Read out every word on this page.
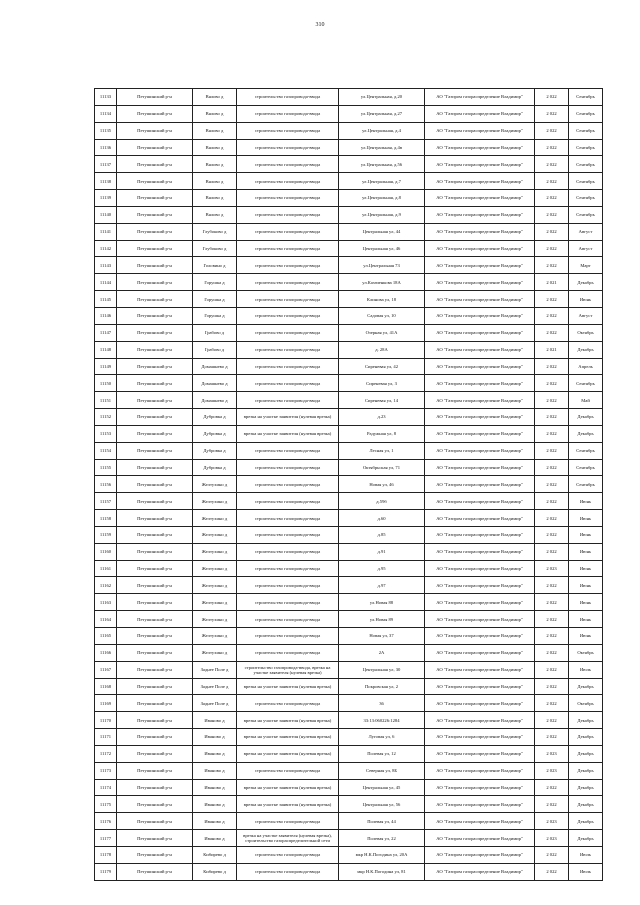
310
11133	Петушинский р-н	Вялово д	строительство газопровода-ввода	ул.Центральная, д.20	АО "Газпром газораспределение Владимир"	2 022	Сентябрь
11134	Петушинский р-н	Вялово д	строительство газопровода-ввода	ул.Центральная, д.27	АО "Газпром газораспределение Владимир"	2 022	Сентябрь
11135	Петушинский р-н	Вялово д	строительство газопровода-ввода	ул.Центральная, д.4	АО "Газпром газораспределение Владимир"	2 022	Сентябрь
11136	Петушинский р-н	Вялово д	строительство газопровода-ввода	ул.Центральная, д.4в	АО "Газпром газораспределение Владимир"	2 022	Сентябрь
11137	Петушинский р-н	Вялово д	строительство газопровода-ввода	ул.Центральная, д.56	АО "Газпром газораспределение Владимир"	2 022	Сентябрь
11138	Петушинский р-н	Вялово д	строительство газопровода-ввода	ул.Центральная, д.7	АО "Газпром газораспределение Владимир"	2 022	Сентябрь
11139	Петушинский р-н	Вялово д	строительство газопровода-ввода	ул.Центральная, д.8	АО "Газпром газораспределение Владимир"	2 022	Сентябрь
11140	Петушинский р-н	Вялово д	строительство газопровода-ввода	ул.Центральная, д.9	АО "Газпром газораспределение Владимир"	2 022	Сентябрь
11141	Петушинский р-н	Глубоково д	строительство газопровода-ввода	Центральная ул, 44	АО "Газпром газораспределение Владимир"	2 022	Август
11142	Петушинский р-н	Глубоково д	строительство газопровода-ввода	Центральная ул, 46	АО "Газпром газораспределение Владимир"	2 022	Август
11143	Петушинский р-н	Головино д	строительство газопровода-ввода	ул.Центральная 73	АО "Газпром газораспределение Владимир"	2 022	Март
11144	Петушинский р-н	Горушка д	строительство газопровода-ввода	ул.Казаченкова 18А	АО "Газпром газораспределение Владимир"	2 021	Декабрь
11145	Петушинский р-н	Горушка д	строительство газопровода-ввода	Клинова ул, 18	АО "Газпром газораспределение Владимир"	2 022	Июнь
11146	Петушинский р-н	Горушка д	строительство газопровода-ввода	Садовая ул, 10	АО "Газпром газораспределение Владимир"	2 022	Август
11147	Петушинский р-н	Грабово д	строительство газопровода-ввода	Озерная ул, 41А	АО "Газпром газораспределение Владимир"	2 022	Октябрь
11148	Петушинский р-н	Грабово д	строительство газопровода-ввода	д. 28А	АО "Газпром газораспределение Владимир"	2 021	Декабрь
11149	Петушинский р-н	Домашнево д	строительство газопровода-ввода	Сиреневая ул, 42	АО "Газпром газораспределение Владимир"	2 022	Апрель
11150	Петушинский р-н	Домашнево д	строительство газопровода-ввода	Сиреневая ул, 3	АО "Газпром газораспределение Владимир"	2 022	Сентябрь
11151	Петушинский р-н	Домашнево д	строительство газопровода-ввода	Сиреневая ул, 14	АО "Газпром газораспределение Владимир"	2 022	Май
11152	Петушинский р-н	Дубровка д	врезка на участке заявителя (нулевая врезка)	д.23	АО "Газпром газораспределение Владимир"	2 022	Декабрь
11153	Петушинский р-н	Дубровка д	врезка на участке заявителя (нулевая врезка)	Радужная ул, 8	АО "Газпром газораспределение Владимир"	2 022	Декабрь
11154	Петушинский р-н	Дубровка д	строительство газопровода-ввода	Лесная ул, 1	АО "Газпром газораспределение Владимир"	2 022	Сентябрь
11155	Петушинский р-н	Дубровка д	строительство газопровода-ввода	Октябрьская ул, 71	АО "Газпром газораспределение Владимир"	2 022	Сентябрь
11156	Петушинский р-н	Желтухино д	строительство газопровода-ввода	Новая ул, 46	АО "Газпром газораспределение Владимир"	2 022	Сентябрь
11157	Петушинский р-н	Желтухино д	строительство газопровода-ввода	д.59б	АО "Газпром газораспределение Владимир"	2 022	Июнь
11158	Петушинский р-н	Желтухино д	строительство газопровода-ввода	д.60	АО "Газпром газораспределение Владимир"	2 022	Июнь
11159	Петушинский р-н	Желтухино д	строительство газопровода-ввода	д.85	АО "Газпром газораспределение Владимир"	2 022	Июнь
11160	Петушинский р-н	Желтухино д	строительство газопровода-ввода	д.91	АО "Газпром газораспределение Владимир"	2 022	Июнь
11161	Петушинский р-н	Желтухино д	строительство газопровода-ввода	д.95	АО "Газпром газораспределение Владимир"	2 023	Июнь
11162	Петушинский р-н	Желтухино д	строительство газопровода-ввода	д.97	АО "Газпром газораспределение Владимир"	2 022	Июнь
11163	Петушинский р-н	Желтухино д	строительство газопровода-ввода	ул.Новая 88	АО "Газпром газораспределение Владимир"	2 022	Июнь
11164	Петушинский р-н	Желтухино д	строительство газопровода-ввода	ул.Новая 89	АО "Газпром газораспределение Владимир"	2 022	Июнь
11165	Петушинский р-н	Желтухино д	строительство газопровода-ввода	Новая ул, 37	АО "Газпром газораспределение Владимир"	2 022	Июнь
11166	Петушинский р-н	Желтухино д	строительство газопровода-ввода	2А	АО "Газпром газораспределение Владимир"	2 022	Октябрь
11167	Петушинский р-н	Заднее Поле д	строительство газопровода-ввода, врезка на участке заявителя (нулевая врезка)	Центральная ул, 30	АО "Газпром газораспределение Владимир"	2 022	Июль
11168	Петушинский р-н	Заднее Поле д	врезка на участке заявителя (нулевая врезка)	Покровская ул, 2	АО "Газпром газораспределение Владимир"	2 022	Декабрь
11169	Петушинский р-н	Заднее Поле д	строительство газопровода-ввода	36	АО "Газпром газораспределение Владимир"	2 022	Октябрь
11170	Петушинский р-н	Иваново д	врезка на участке заявителя (нулевая врезка)	33:13:060226:1284	АО "Газпром газораспределение Владимир"	2 022	Декабрь
11171	Петушинский р-н	Иваново д	врезка на участке заявителя (нулевая врезка)	Луговая ул, 6	АО "Газпром газораспределение Владимир"	2 022	Декабрь
11172	Петушинский р-н	Иваново д	врезка на участке заявителя (нулевая врезка)	Полевая ул, 12	АО "Газпром газораспределение Владимир"	2 023	Декабрь
11173	Петушинский р-н	Иваново д	строительство газопровода-ввода	Северная ул, 8Б	АО "Газпром газораспределение Владимир"	2 023	Декабрь
11174	Петушинский р-н	Иваново д	врезка на участке заявителя (нулевая врезка)	Центральная ул, 45	АО "Газпром газораспределение Владимир"	2 022	Декабрь
11175	Петушинский р-н	Иваново д	врезка на участке заявителя (нулевая врезка)	Центральная ул, 56	АО "Газпром газораспределение Владимир"	2 022	Декабрь
11176	Петушинский р-н	Иваново д	строительство газопровода-ввода	Полевая ул, 44	АО "Газпром газораспределение Владимир"	2 023	Декабрь
11177	Петушинский р-н	Иваново д	врезка на участке заявителя (нулевая врезка), строительство газораспределительной сети	Полевая ул, 22	АО "Газпром газораспределение Владимир"	2 023	Декабрь
11178	Петушинский р-н	Кибирево д	строительство газопровода-ввода	мкр Н.К.Погодина ул, 20А	АО "Газпром газораспределение Владимир"	2 022	Июль
11179	Петушинский р-н	Кибирево д	строительство газопровода-ввода	мкр Н.К.Погодина ул, 81	АО "Газпром газораспределение Владимир"	2 022	Июль
